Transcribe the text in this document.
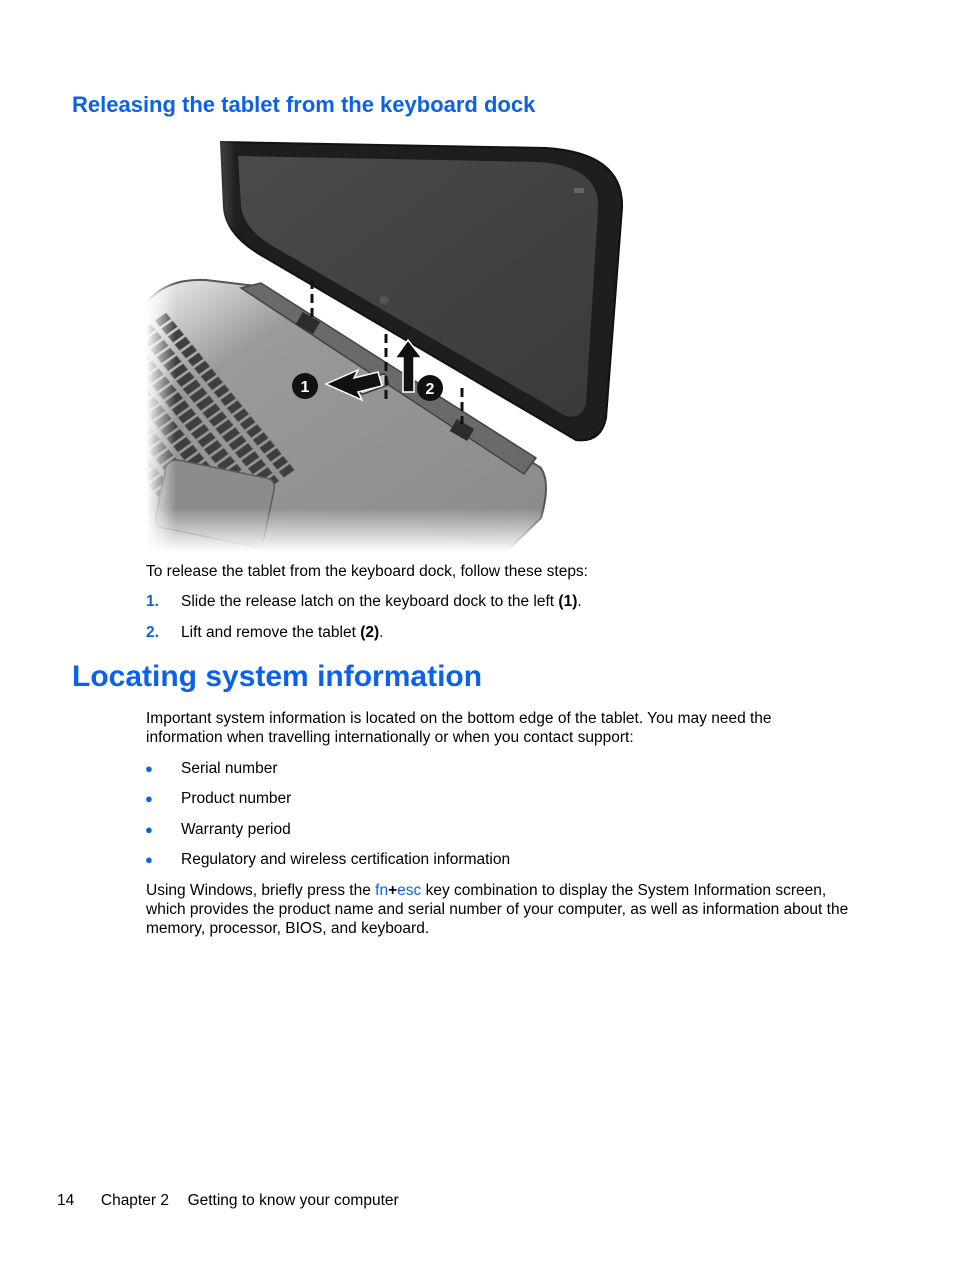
Releasing the tablet from the keyboard dock
1	2
To release the tablet from the keyboard dock, follow these steps:
1. Slide the release latch on the keyboard dock to the left (1).
2. Lift and remove the tablet (2).
Locating system information
Important system information is located on the bottom edge of the tablet. You may need the information when travelling internationally or when you contact support:
● Serial number
● Product number
● Warranty period
● Regulatory and wireless certification information
Using Windows, briefly press the fn+esc key combination to display the System Information screen, which provides the product name and serial number of your computer, as well as information about the memory, processor, BIOS, and keyboard.
14 Chapter 2 Getting to know your computer
